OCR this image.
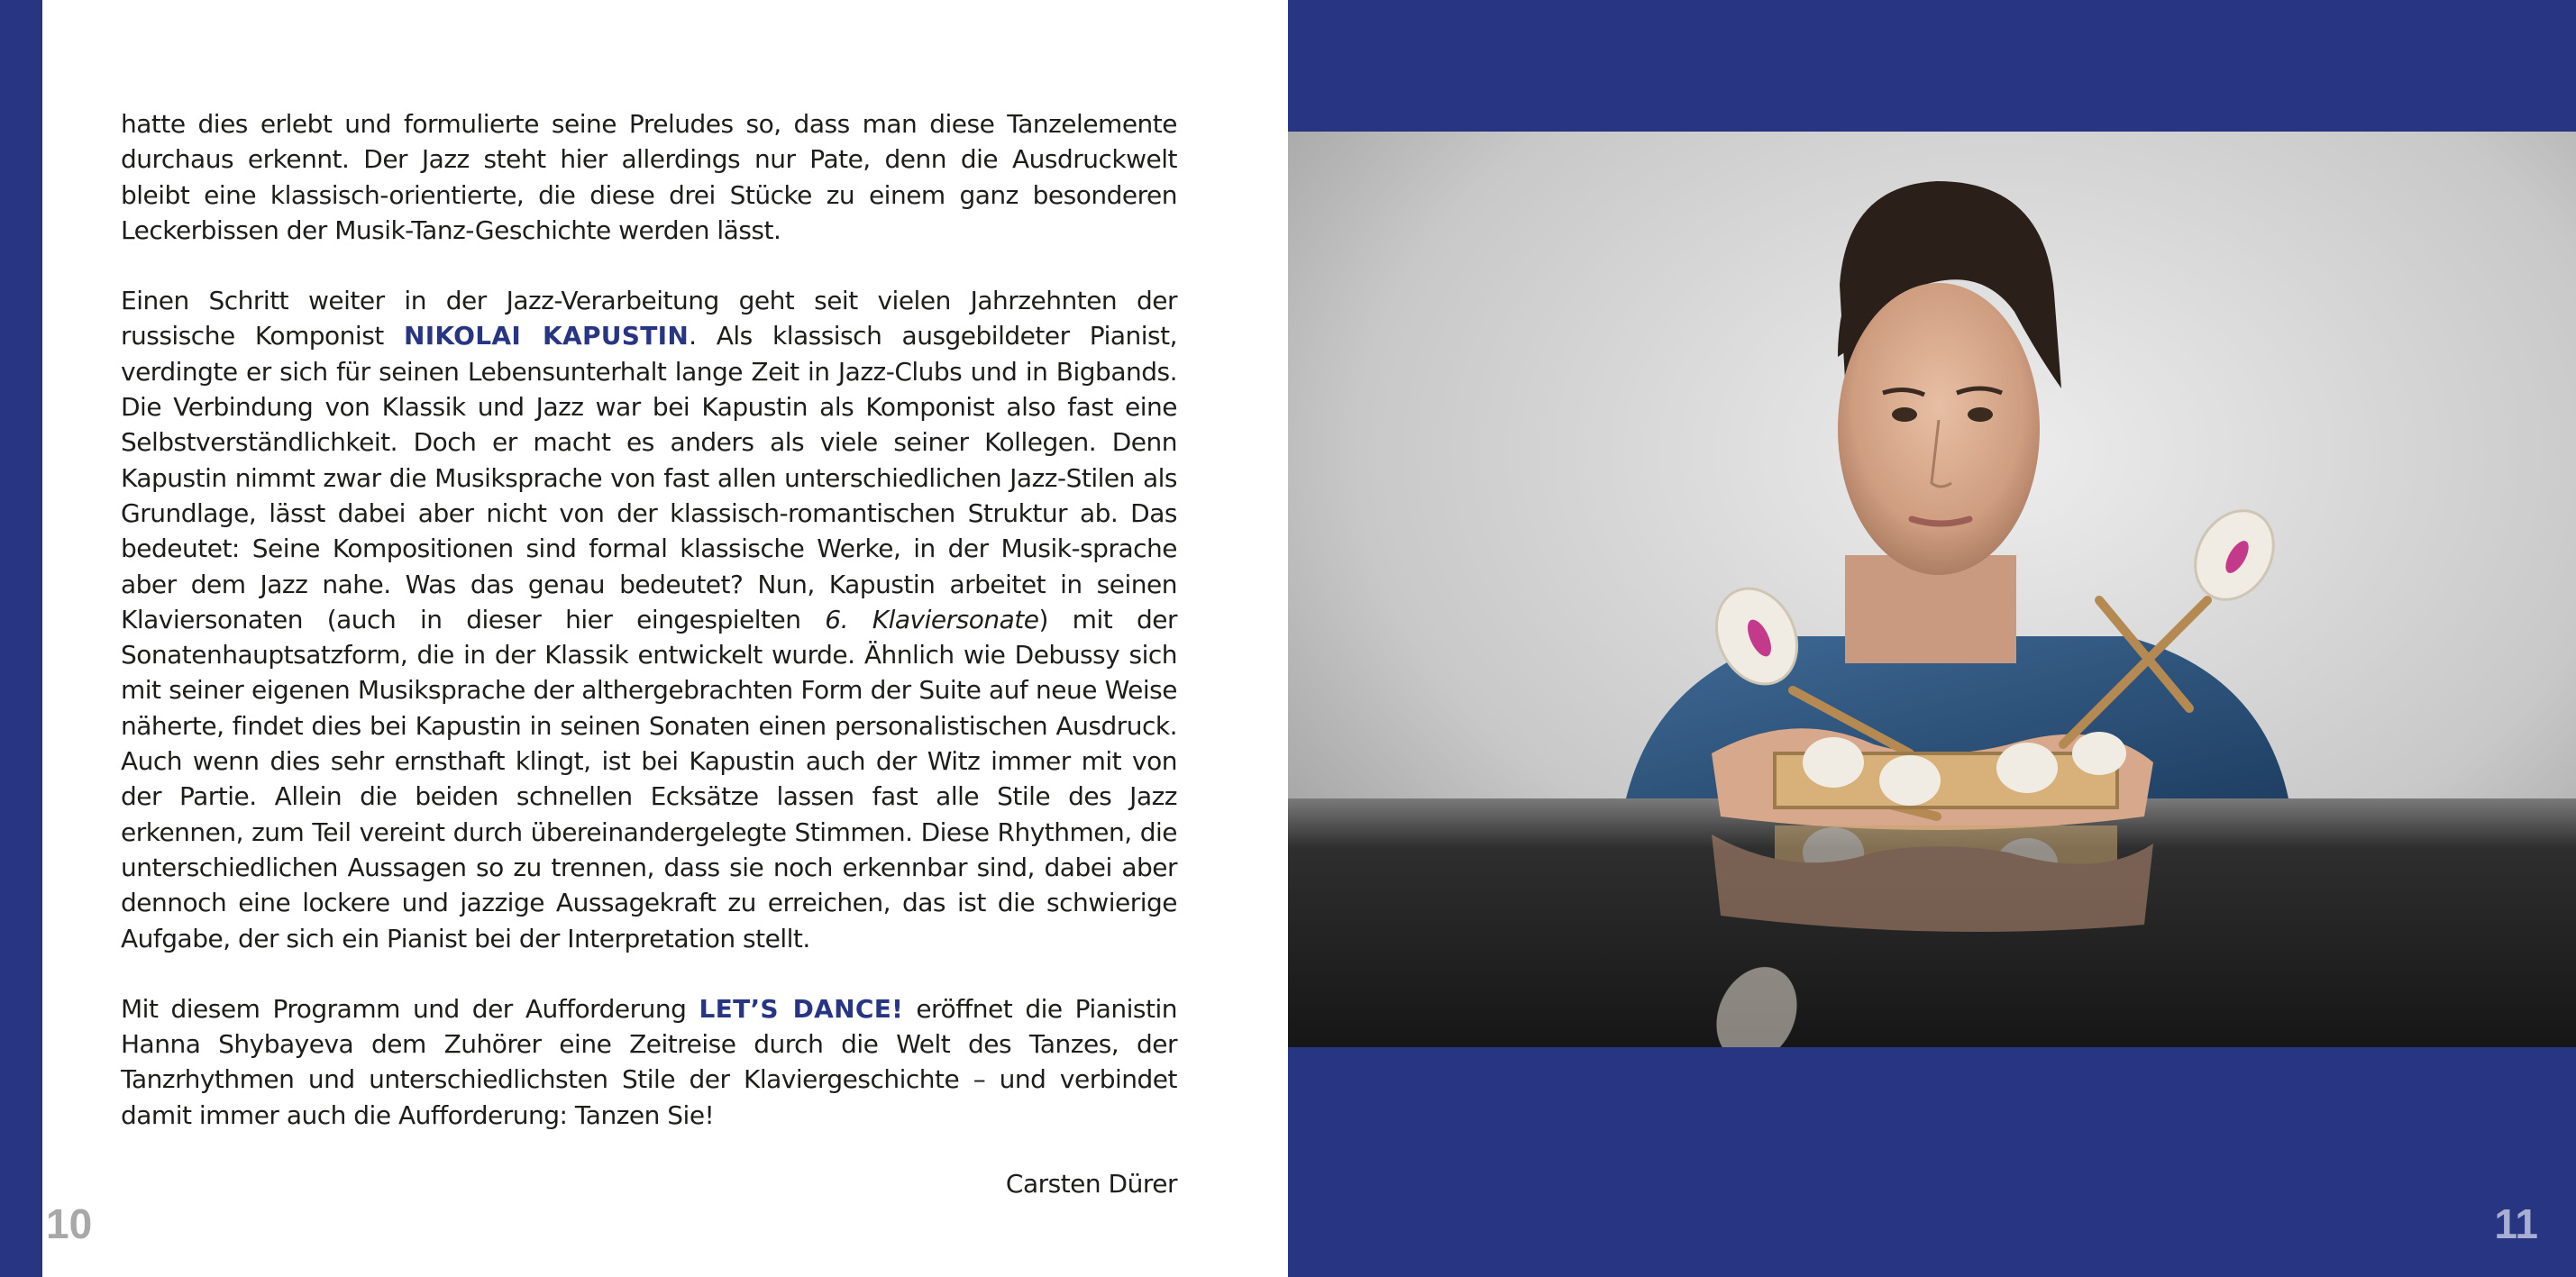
hatte dies erlebt und formulierte seine Preludes so, dass man diese Tanzelemente durchaus erkennt. Der Jazz steht hier allerdings nur Pate, denn die Ausdruckwelt bleibt eine klassisch-orientierte, die diese drei Stücke zu einem ganz besonderen Leckerbissen der Musik-Tanz-Geschichte werden lässt.

Einen Schritt weiter in der Jazz-Verarbeitung geht seit vielen Jahrzehnten der russische Komponist NIKOLAI KAPUSTIN. Als klassisch ausgebildeter Pianist, verdingte er sich für seinen Lebensunterhalt lange Zeit in Jazz-Clubs und in Bigbands. Die Verbindung von Klassik und Jazz war bei Kapustin als Komponist also fast eine Selbstverständlichkeit. Doch er macht es anders als viele seiner Kollegen. Denn Kapustin nimmt zwar die Musiksprache von fast allen unterschiedlichen Jazz-Stilen als Grundlage, lässt dabei aber nicht von der klassisch-romantischen Struktur ab. Das bedeutet: Seine Kompositionen sind formal klassische Werke, in der Musik-sprache aber dem Jazz nahe. Was das genau bedeutet? Nun, Kapustin arbeitet in seinen Klaviersonaten (auch in dieser hier eingespielten 6. Klaviersonate) mit der Sonatenhauptsatzform, die in der Klassik entwickelt wurde. Ähnlich wie Debussy sich mit seiner eigenen Musiksprache der althergebrachten Form der Suite auf neue Weise näherte, findet dies bei Kapustin in seinen Sonaten einen personalistischen Ausdruck. Auch wenn dies sehr ernsthaft klingt, ist bei Kapustin auch der Witz immer mit von der Partie. Allein die beiden schnellen Ecksätze lassen fast alle Stile des Jazz erkennen, zum Teil vereint durch übereinandergelegte Stimmen. Diese Rhythmen, die unterschiedlichen Aussagen so zu trennen, dass sie noch erkennbar sind, dabei aber dennoch eine lockere und jazzige Aussagekraft zu erreichen, das ist die schwierige Aufgabe, der sich ein Pianist bei der Interpretation stellt.

Mit diesem Programm und der Aufforderung LET’S DANCE! eröffnet die Pianistin Hanna Shybayeva dem Zuhörer eine Zeitreise durch die Welt des Tanzes, der Tanzrhythmen und unterschiedlichsten Stile der Klaviergeschichte – und verbindet damit immer auch die Aufforderung: Tanzen Sie!

Carsten Dürer
10	11
